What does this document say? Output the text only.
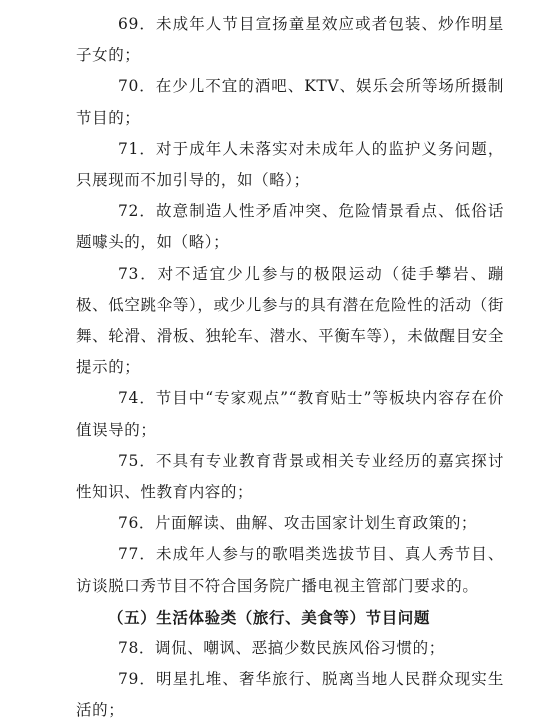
69．未成年人节目宣扬童星效应或者包装、炒作明星子女的；

70．在少儿不宜的酒吧、KTV、娱乐会所等场所摄制节目的；

71．对于成年人未落实对未成年人的监护义务问题，只展现而不加引导的，如（略）；

72．故意制造人性矛盾冲突、危险情景看点、低俗话题噱头的，如（略）；

73．对不适宜少儿参与的极限运动（徒手攀岩、蹦极、低空跳伞等），或少儿参与的具有潜在危险性的活动（街舞、轮滑、滑板、独轮车、潜水、平衡车等），未做醒目安全提示的；

74．节目中“专家观点”“教育贴士”等板块内容存在价值误导的；

75．不具有专业教育背景或相关专业经历的嘉宾探讨性知识、性教育内容的；

76．片面解读、曲解、攻击国家计划生育政策的；

77．未成年人参与的歌唱类选拔节目、真人秀节目、访谈脱口秀节目不符合国务院广播电视主管部门要求的。

（五）生活体验类（旅行、美食等）节目问题

78．调侃、嘲讽、恶搞少数民族风俗习惯的；

79．明星扎堆、奢华旅行、脱离当地人民群众现实生活的；
